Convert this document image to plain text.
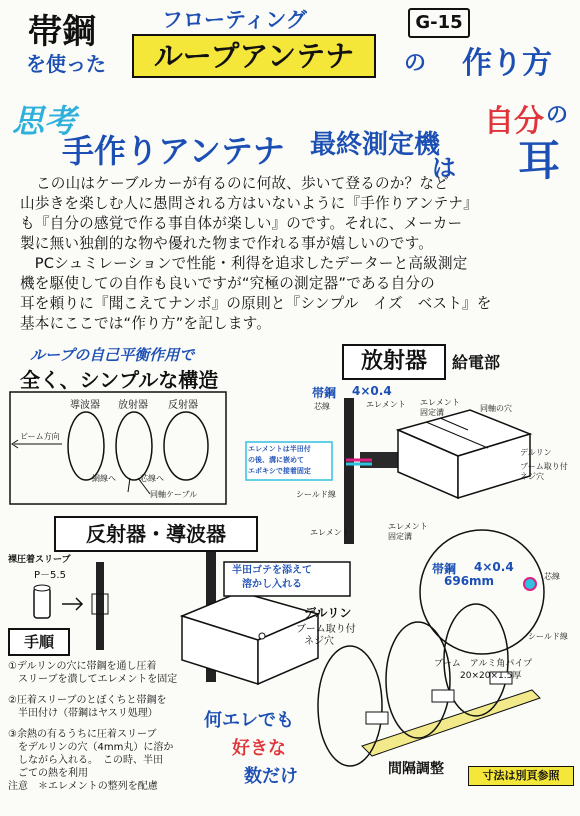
帯鋼
を使った
フローティング
ループアンテナ
G-15
の 作り方
思考
手作りアンテナ 最終測定機
は
自分 の
耳
この山はケーブルカーが有るのに何故、歩いて登るのか？など
山歩きを楽しむ人に愚問される方はいないように『手作りアンテナ』
も『自分の感覚で作る事自体が楽しい』のです。それに、メーカー
製に無い独創的な物や優れた物まで作れる事が嬉しいのです。
　PCシュミレーションで性能・利得を追求したデーターと高級測定
機を駆使しての自作も良いですが“究極の測定器”である自分の
耳を頼りに『聞こえてナンボ』の原則と『シンプル　イズ　ベスト』を
基本にここでは“作り方”を記します。
ループの自己平衡作用で
全く、シンプルな構造
導波器 放射器 反射器
ビーム方向
網線へ	芯線へ
同軸ケーブル
放射器	給電部
帯鋼 4×0.4
芯線	エレメント エレメント
固定溝	同軸の穴
デルリン
ブーム取り付
ネジ穴
シールド線
エレメント
エレメント
固定溝
エレメントは半田付
の後、溝に嵌めて
エポキシで接着固定
反射器・導波器
裸圧着スリーブ
P－5.5	半田ゴテを添えて
溶かし入れる
デルリン
ブーム取り付
ネジ穴
帯鋼 4×0.4
696mm	芯線
シールド線
ブーム　アルミ角パイプ
20×20×1.5厚
手順
①デルリンの穴に帯鋼を通し圧着
　スリーブを潰してエレメントを固定
②圧着スリーブのとぼくちと帯鋼を
　半田付け（帯鋼はヤスリ処理）
③余熱の有るうちに圧着スリーブ
　をデルリンの穴（4mm丸）に溶か
　しながら入れる。　この時、半田
　ごての熱を利用
注意　＊エレメントの整列を配慮
何エレでも
好きな
数だけ	間隔調整	寸法は別頁参照
